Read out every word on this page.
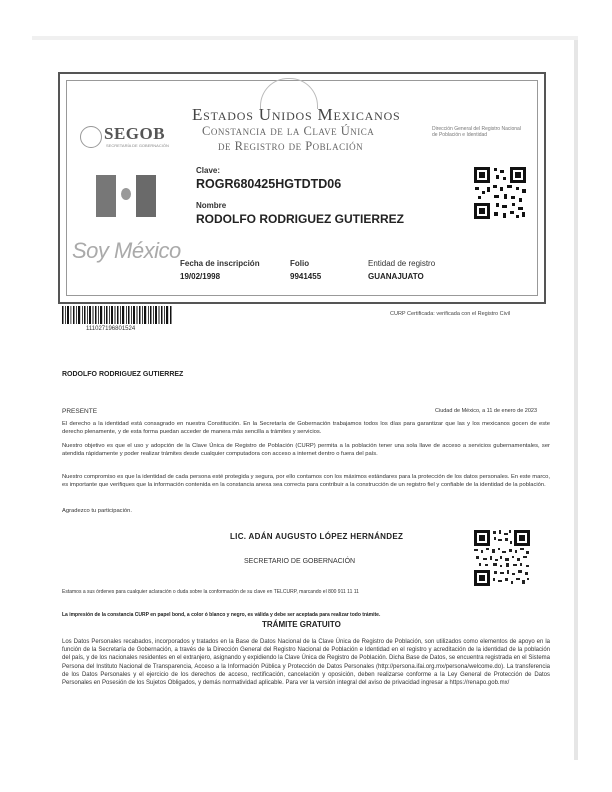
SEGOB
SECRETARÍA DE GOBERNACIÓN
Estados Unidos Mexicanos
Constancia de la Clave Única
de Registro de Población
Dirección General del Registro Nacional de Población e Identidad
Clave:
ROGR680425HGTDTD06
Nombre
RODOLFO RODRIGUEZ GUTIERREZ
Soy México
Fecha de inscripción
19/02/1998
Folio
9941455
Entidad de registro
GUANAJUATO
111027196801524
CURP Certificada: verificada con el Registro Civil
RODOLFO RODRIGUEZ GUTIERREZ
PRESENTE	Ciudad de México, a 11 de enero de 2023
El derecho a la identidad está consagrado en nuestra Constitución. En la Secretaría de Gobernación trabajamos todos los días para garantizar que las y los mexicanos gocen de este derecho plenamente, y de esta forma puedan acceder de manera más sencilla a trámites y servicios.
Nuestro objetivo es que el uso y adopción de la Clave Única de Registro de Población (CURP) permita a la población tener una sola llave de acceso a servicios gubernamentales, ser atendida rápidamente y poder realizar trámites desde cualquier computadora con acceso a internet dentro o fuera del país.
Nuestro compromiso es que la identidad de cada persona esté protegida y segura, por ello contamos con los máximos estándares para la protección de los datos personales. En este marco, es importante que verifiques que la información contenida en la constancia anexa sea correcta para contribuir a la construcción de un registro fiel y confiable de la identidad de la población.
Agradezco tu participación.
LIC. ADÁN AUGUSTO LÓPEZ HERNÁNDEZ
SECRETARIO DE GOBERNACIÓN
Estamos a sus órdenes para cualquier aclaración o duda sobre la conformación de su clave en TELCURP, marcando el 800 911 11 11
La impresión de la constancia CURP en papel bond, a color ó blanco y negro, es válida y debe ser aceptada para realizar todo trámite.
TRÁMITE GRATUITO
Los Datos Personales recabados, incorporados y tratados en la Base de Datos Nacional de la Clave Única de Registro de Población, son utilizados como elementos de apoyo en la función de la Secretaría de Gobernación, a través de la Dirección General del Registro Nacional de Población e Identidad en el registro y acreditación de la identidad de la población del país, y de los nacionales residentes en el extranjero, asignando y expidiendo la Clave Única de Registro de Población. Dicha Base de Datos, se encuentra registrada en el Sistema Persona del Instituto Nacional de Transparencia, Acceso a la Información Pública y Protección de Datos Personales (http://persona.ifai.org.mx/persona/welcome.do). La transferencia de los Datos Personales y el ejercicio de los derechos de acceso, rectificación, cancelación y oposición, deben realizarse conforme a la Ley General de Protección de Datos Personales en Posesión de los Sujetos Obligados, y demás normatividad aplicable. Para ver la versión integral del aviso de privacidad ingresar a https://renapo.gob.mx/
